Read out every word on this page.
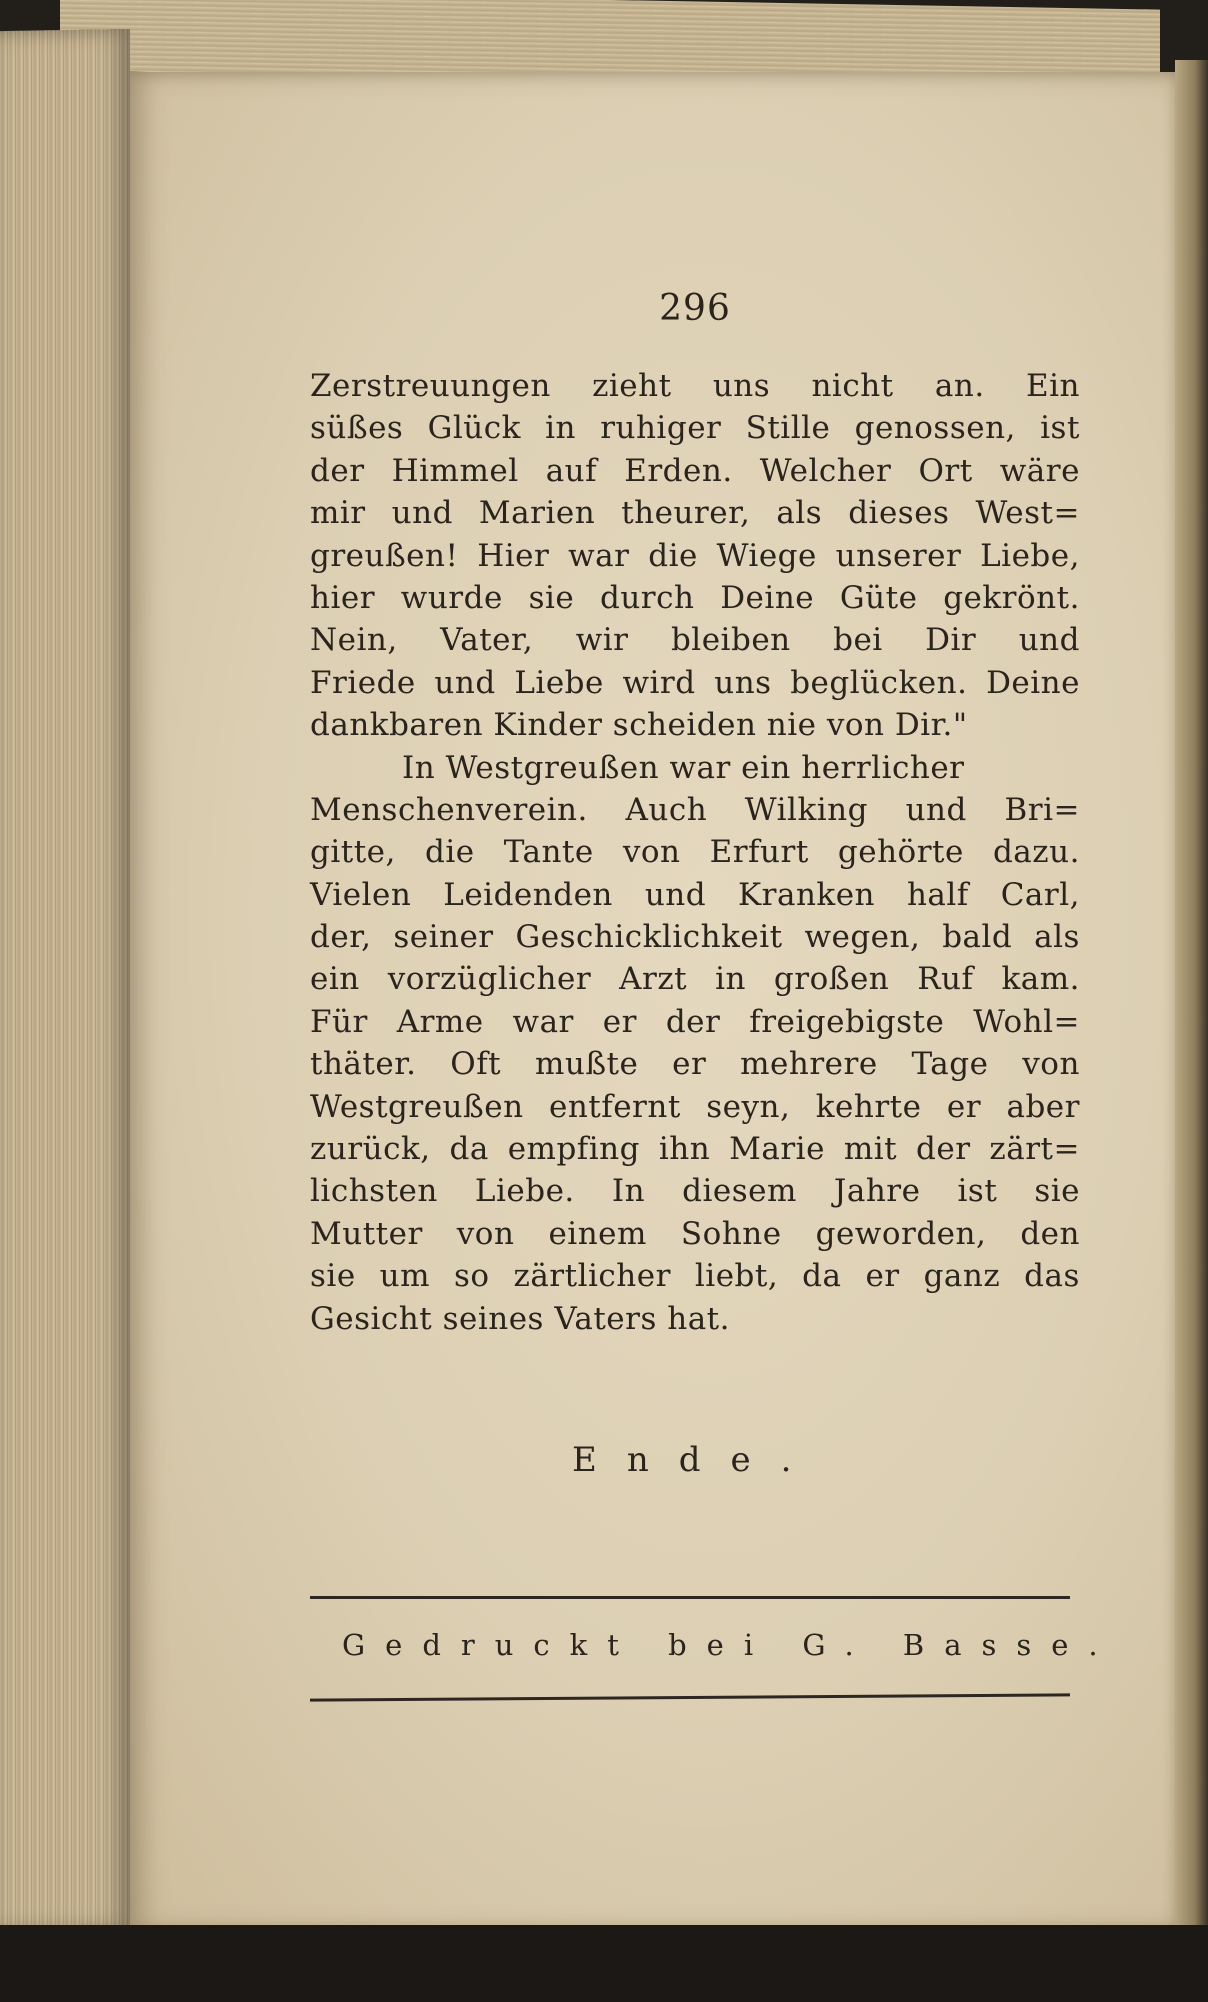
296
Zerstreuungen zieht uns nicht an. Ein
süßes Glück in ruhiger Stille genossen, ist
der Himmel auf Erden. Welcher Ort wäre
mir und Marien theurer, als dieses West=
greußen! Hier war die Wiege unserer Liebe,
hier wurde sie durch Deine Güte gekrönt.
Nein, Vater, wir bleiben bei Dir und
Friede und Liebe wird uns beglücken. Deine
dankbaren Kinder scheiden nie von Dir."
In Westgreußen war ein herrlicher
Menschenverein. Auch Wilking und Bri=
gitte, die Tante von Erfurt gehörte dazu.
Vielen Leidenden und Kranken half Carl,
der, seiner Geschicklichkeit wegen, bald als
ein vorzüglicher Arzt in großen Ruf kam.
Für Arme war er der freigebigste Wohl=
thäter. Oft mußte er mehrere Tage von
Westgreußen entfernt seyn, kehrte er aber
zurück, da empfing ihn Marie mit der zärt=
lichsten Liebe. In diesem Jahre ist sie
Mutter von einem Sohne geworden, den
sie um so zärtlicher liebt, da er ganz das
Gesicht seines Vaters hat.
Ende.
Gedruckt bei G. Basse.
